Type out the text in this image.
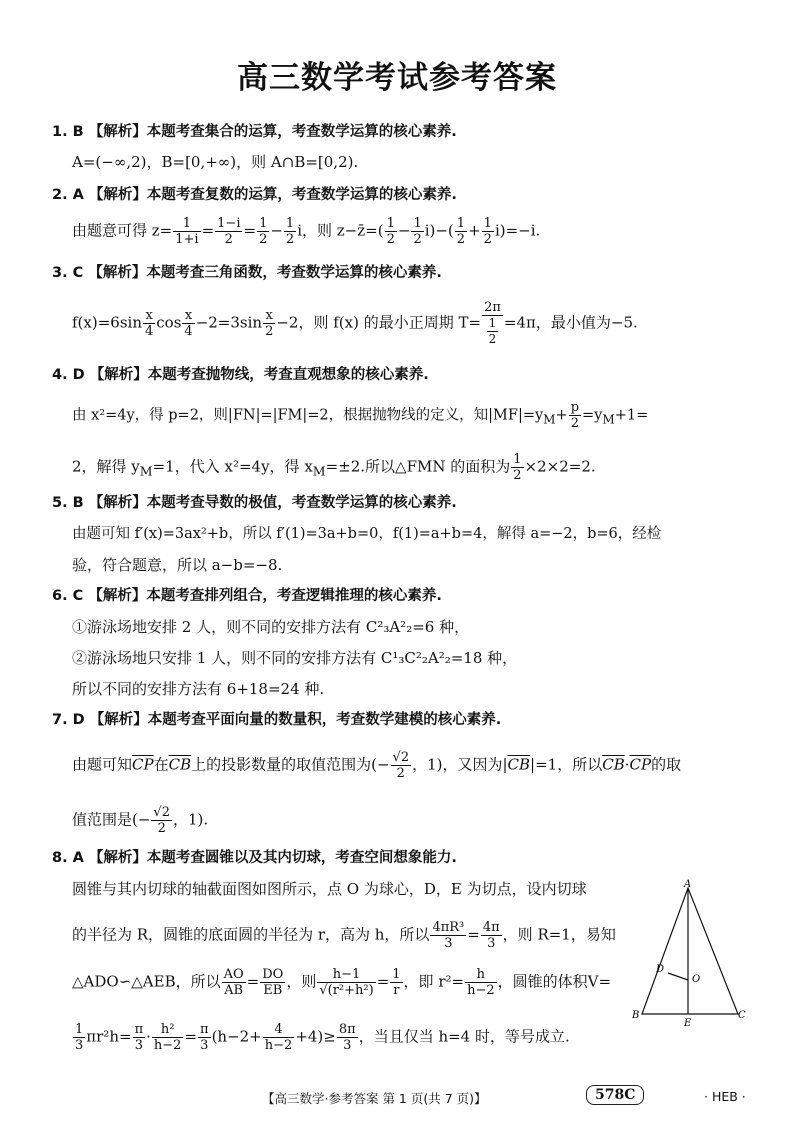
高三数学考试参考答案
1. B 【解析】本题考查集合的运算，考查数学运算的核心素养.
A=(−∞,2)，B=[0,+∞)，则 A∩B=[0,2).
2. A 【解析】本题考查复数的运算，考查数学运算的核心素养.
由题意可得 $z= \frac{1}{1+i} = \frac{1-i}{2} = \frac{1}{2} - \frac{1}{2}$ i，则 z−z̄=( $\frac{1}{2} - \frac{1}{2} i)-( \frac{1}{2} + \frac{1}{2} i)=-i$.
3. C 【解析】本题考查三角函数，考查数学运算的核心素养.
$f(x)=6\sin \frac{x}{4}$ $\cos \frac{x}{4} -2=3\sin \frac{x}{2} -2$，则 f(x) 的最小正周期 $T= \frac{2\pi}{\frac{1}{2}} =4\pi$，最小值为−5.
4. D 【解析】本题考查抛物线，考查直观想象的核心素养.
由 x²=4y，得 p=2，则|FN|=|FM|=2，根据抛物线的定义，知$|MF|=y_M+ \frac{p}{2} =y_M+1=$
2，解得 $y_M=1$，代入 x²=4y，得 $x_M=\pm 2$.所以△FMN 的面积为 $\frac{1}{2} \times 2\times 2=2$.
5. B 【解析】本题考查导数的极值，考查数学运算的核心素养.
由题可知 f′(x)=3ax²+b，所以 f′(1)=3a+b=0，f(1)=a+b=4，解得 a=−2，b=6，经检
验，符合题意，所以 a−b=−8.
6. C 【解析】本题考查排列组合，考查逻辑推理的核心素养.
①游泳场地安排 2 人，则不同的安排方法有 C²₃A²₂=6 种，
②游泳场地只安排 1 人，则不同的安排方法有 C¹₃C²₂A²₂=18 种，
所以不同的安排方法有 6+18=24 种.
7. D 【解析】本题考查平面向量的数量积，考查数学建模的核心素养.
由题可知$\overline{CP}$在$\overline{CB}$上的投影数量的取值范围为(− $\frac{√2}{2}$ ，1)，又因为$|\overline{CB}|=1$，所以$\overline{CB}\cdot\overline{CP}$的取
值范围是(− $\frac{√2}{2}$ ，1).
8. A 【解析】本题考查圆锥以及其内切球，考查空间想象能力.
圆锥与其内切球的轴截面图如图所示，点 O 为球心，D，E 为切点，设内切球
的半径为 R，圆锥的底面圆的半径为 r，高为 h，所以 $\frac{\text{4πR³}}{3} = \frac{4\pi}{3}$ ，则 R=1，易知
△ADO∽△AEB，所以 $\frac{AO}{AB} = \frac{DO}{EB}$ ，则 $\frac{h-1}{\text{√(r²+h²)}} = \frac{1}{r}$ ，即 $r^2= \frac{h}{h-2}$ ，圆锥的体积V=
$\frac{1}{3} \pi r^2h= \frac{\pi}{3} \cdot \frac{\text{h²}}{h-2} = \frac{\pi}{3} (h-2+ \frac{4}{h-2} +4)\ge \frac{8\pi}{3}$ ，当且仅当 h=4 时，等号成立.
A
B	C
D
E
O
【高三数学·参考答案 第 1 页(共 7 页)】	578C	· HEB ·
